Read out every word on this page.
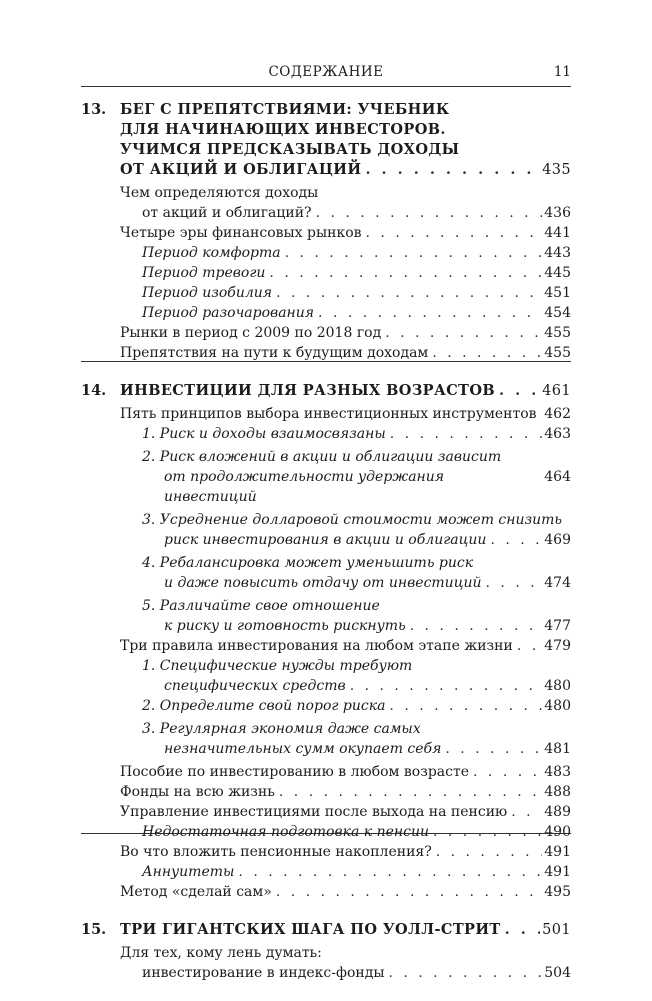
СОДЕРЖАНИЕ	11
13. БЕГ С ПРЕПЯТСТВИЯМИ: УЧЕБНИК
ДЛЯ НАЧИНАЮЩИХ ИНВЕСТОРОВ.
УЧИМСЯ ПРЕДСКАЗЫВАТЬ ДОХОДЫ
ОТ АКЦИЙ И ОБЛИГАЦИЙ . . .	435
Чем определяются доходы
от акций и облигаций? . . .	436
Четыре эры финансовых рынков . . .	441
Период комфорта . . .	443
Период тревоги . . .	445
Период изобилия . . .	451
Период разочарования . . .	454
Рынки в период с 2009 по 2018 год . . .	455
Препятствия на пути к будущим доходам . . .	455
14. ИНВЕСТИЦИИ ДЛЯ РАЗНЫХ ВОЗРАСТОВ . . .	461
Пять принципов выбора инвестиционных инструментов . . . 462
1. Риск и доходы взаимосвязаны . . .	463
2. Риск вложений в акции и облигации зависит
от продолжительности удержания инвестиций
464
3. Усреднение долларовой стоимости может снизить
риск инвестирования в акции и облигации . . .	469
4. Ребалансировка может уменьшить риск
и даже повысить отдачу от инвестиций . . .	474
5. Различайте свое отношение
к риску и готовность рискнуть . . .	477
Три правила инвестирования на любом этапе жизни . . . 479
1. Специфические нужды требуют
специфических средств . . .	480
2. Определите свой порог риска . . .	480
3. Регулярная экономия даже самых
незначительных сумм окупает себя . . .	481
Пособие по инвестированию в любом возрасте . . .	483
Фонды на всю жизнь . . .	488
Управление инвестициями после выхода на пенсию . . .	489
Недостаточная подготовка к пенсии . . .	490
Во что вложить пенсионные накопления? . . .	491
Аннуитеты . . .	491
Метод «сделай сам» . . .	495
15. ТРИ ГИГАНТСКИХ ШАГА ПО УОЛЛ-СТРИТ . . .	501
Для тех, кому лень думать:
инвестирование в индекс-фонды . . .	504
